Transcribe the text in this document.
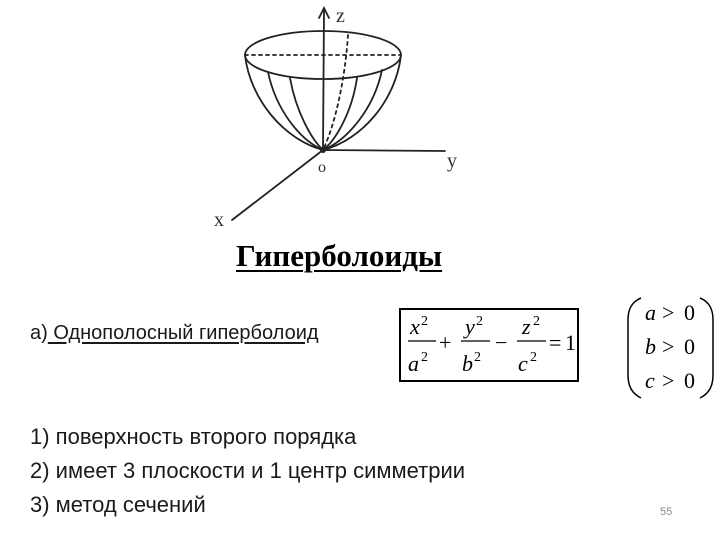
z
y
x
o
x 2
a 2
+
y 2
b 2
−
z 2
c 2
= 1
a > 0
b > 0
c > 0
Гиперболоиды
а) Однополосный гиперболоид
1) поверхность второго порядка
2) имеет 3 плоскости и 1 центр симметрии
3) метод сечений	55
